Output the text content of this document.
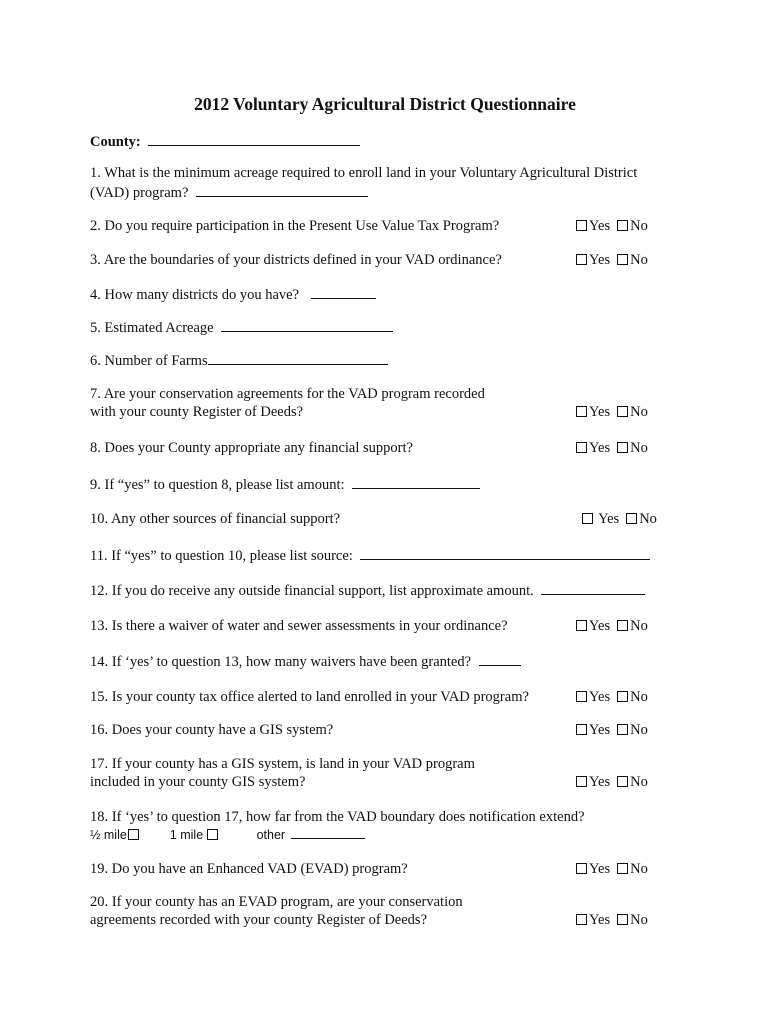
2012 Voluntary Agricultural District Questionnaire
County:
1. What is the minimum acreage required to enroll land in your Voluntary Agricultural District
(VAD) program?
2. Do you require participation in the Present Use Value Tax Program?	Yes No
3. Are the boundaries of your districts defined in your VAD ordinance?	Yes No
4. How many districts do you have?
5. Estimated Acreage
6. Number of Farms
7. Are your conservation agreements for the VAD program recorded
with your county Register of Deeds?	Yes No
8. Does your County appropriate any financial support?	Yes No
9. If “yes” to question 8, please list amount:
10. Any other sources of financial support?	Yes No
11. If “yes” to question 10, please list source:
12. If you do receive any outside financial support, list approximate amount.
13. Is there a waiver of water and sewer assessments in your ordinance?	Yes No
14. If ‘yes’ to question 13, how many waivers have been granted?
15. Is your county tax office alerted to land enrolled in your VAD program?	Yes No
16. Does your county have a GIS system?	Yes No
17. If your county has a GIS system, is land in your VAD program
included in your county GIS system?	Yes No
18. If ‘yes’ to question 17, how far from the VAD boundary does notification extend?
½ mile	1 mile	other
19. Do you have an Enhanced VAD (EVAD) program?	Yes No
20. If your county has an EVAD program, are your conservation
agreements recorded with your county Register of Deeds?	Yes No
